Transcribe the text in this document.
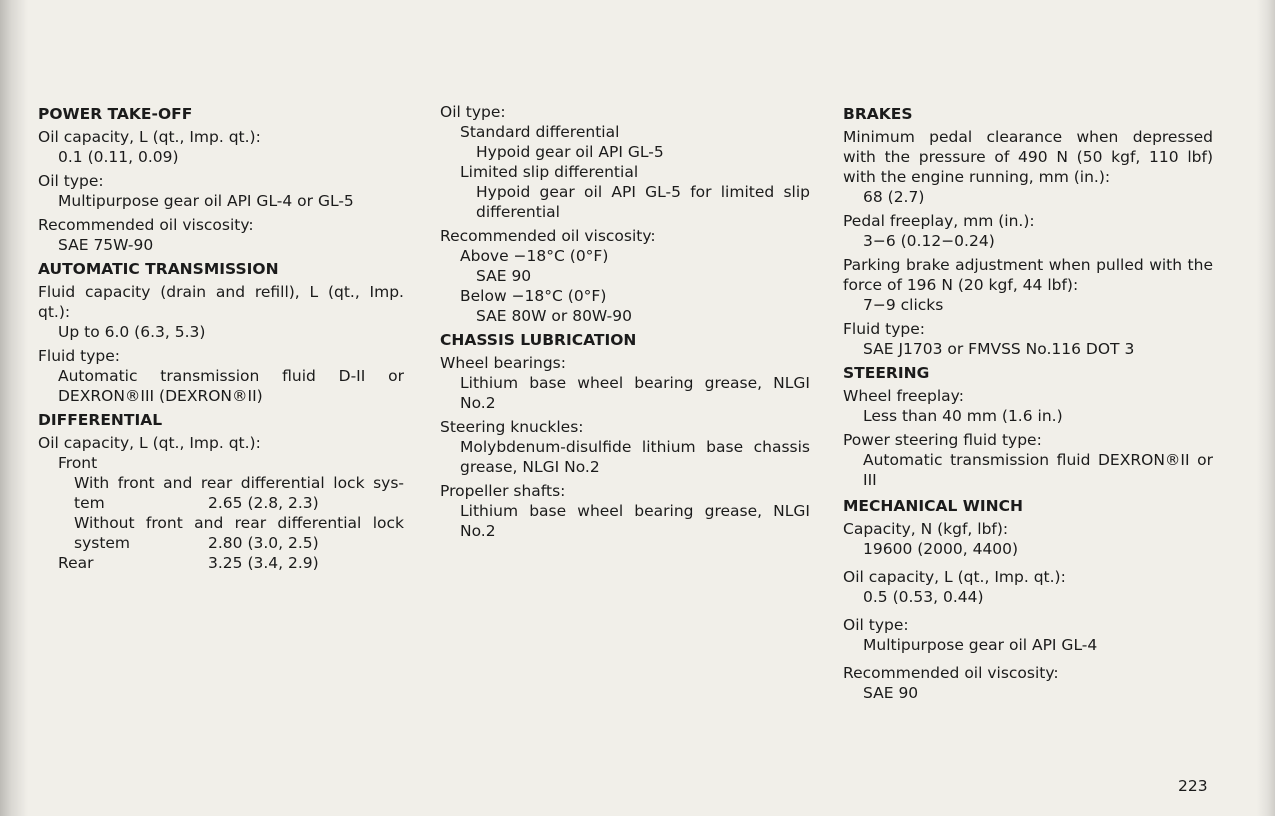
POWER TAKE-OFF
Oil capacity, L (qt., Imp. qt.):
0.1 (0.11, 0.09)
Oil type:
Multipurpose gear oil API GL-4 or GL-5
Recommended oil viscosity:
SAE 75W-90
AUTOMATIC TRANSMISSION
Fluid capacity (drain and refill), L (qt., Imp. qt.):
Up to 6.0 (6.3, 5.3)
Fluid type:
Automatic transmission fluid D-II or DEXRON®III (DEXRON®II)
DIFFERENTIAL
Oil capacity, L (qt., Imp. qt.):
Front
With front and rear differential lock sys-
tem	2.65 (2.8, 2.3)
Without front and rear differential lock
system	2.80 (3.0, 2.5)
Rear	3.25 (3.4, 2.9)
Oil type:
Standard differential
Hypoid gear oil API GL-5
Limited slip differential
Hypoid gear oil API GL-5 for limited slip differential
Recommended oil viscosity:
Above −18°C (0°F)
SAE 90
Below −18°C (0°F)
SAE 80W or 80W-90
CHASSIS LUBRICATION
Wheel bearings:
Lithium base wheel bearing grease, NLGI No.2
Steering knuckles:
Molybdenum-disulfide lithium base chassis grease, NLGI No.2
Propeller shafts:
Lithium base wheel bearing grease, NLGI No.2
BRAKES
Minimum pedal clearance when depressed with the pressure of 490 N (50 kgf, 110 lbf) with the engine running, mm (in.):
68 (2.7)
Pedal freeplay, mm (in.):
3−6 (0.12−0.24)
Parking brake adjustment when pulled with the force of 196 N (20 kgf, 44 lbf):
7−9 clicks
Fluid type:
SAE J1703 or FMVSS No.116 DOT 3
STEERING
Wheel freeplay:
Less than 40 mm (1.6 in.)
Power steering fluid type:
Automatic transmission fluid DEXRON®II or III
MECHANICAL WINCH
Capacity, N (kgf, lbf):
19600 (2000, 4400)
Oil capacity, L (qt., Imp. qt.):
0.5 (0.53, 0.44)
Oil type:
Multipurpose gear oil API GL-4
Recommended oil viscosity:
SAE 90
223
